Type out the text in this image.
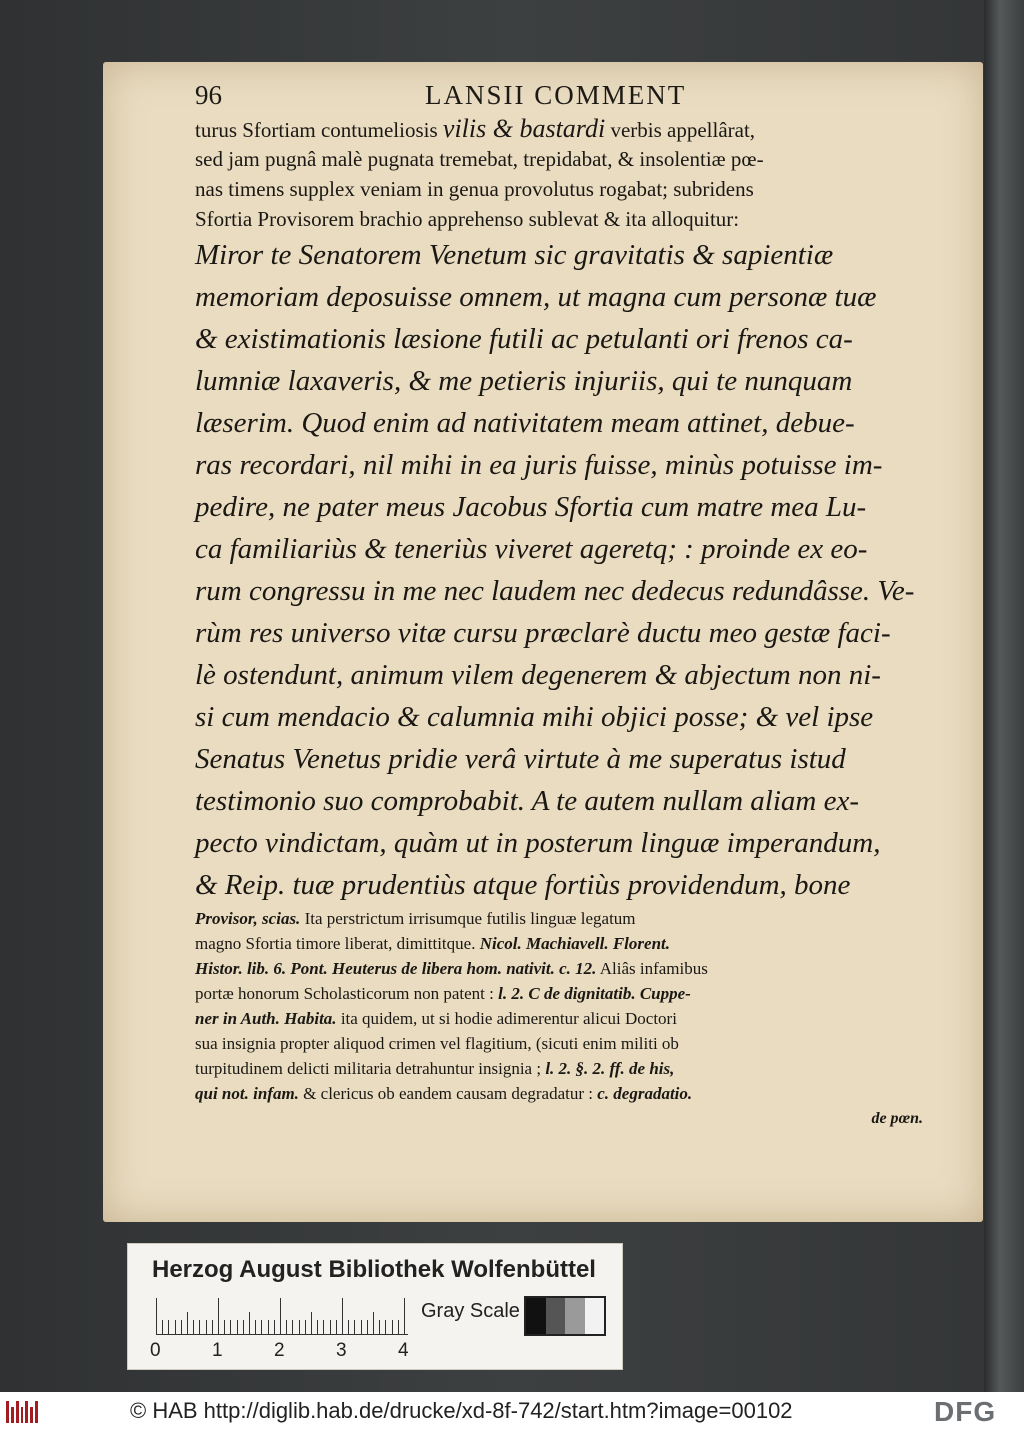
96	LANSII COMMENT
turus Sfortiam contumeliosis vilis & bastardi verbis appellârat,
sed jam pugnâ malè pugnata tremebat, trepidabat, & insolentiæ pœ-
nas timens supplex veniam in genua provolutus rogabat; subridens
Sfortia Provisorem brachio apprehenso sublevat & ita alloquitur:
Miror te Senatorem Venetum sic gravitatis & sapientiæ
memoriam deposuisse omnem, ut magna cum personæ tuæ
& existimationis læsione futili ac petulanti ori frenos ca-
lumniæ laxaveris, & me petieris injuriis, qui te nunquam
læserim. Quod enim ad nativitatem meam attinet, debue-
ras recordari, nil mihi in ea juris fuisse, minùs potuisse im-
pedire, ne pater meus Jacobus Sfortia cum matre mea Lu-
ca familiariùs & teneriùs viveret ageretq; : proinde ex eo-
rum congressu in me nec laudem nec dedecus redundâsse. Ve-
rùm res universo vitæ cursu præclarè ductu meo gestæ faci-
lè ostendunt, animum vilem degenerem & abjectum non ni-
si cum mendacio & calumnia mihi objici posse; & vel ipse
Senatus Venetus pridie verâ virtute à me superatus istud
testimonio suo comprobabit. A te autem nullam aliam ex-
pecto vindictam, quàm ut in posterum linguæ imperandum,
& Reip. tuæ prudentiùs atque fortiùs providendum, bone
Provisor, scias. Ita perstrictum irrisumque futilis linguæ legatum
magno Sfortia timore liberat, dimittitque. Nicol. Machiavell. Florent.
Histor. lib. 6. Pont. Heuterus de libera hom. nativit. c. 12. Aliâs infamibus
portæ honorum Scholasticorum non patent : l. 2. C de dignitatib. Cuppe-
ner in Auth. Habita. ita quidem, ut si hodie adimerentur alicui Doctori
sua insignia propter aliquod crimen vel flagitium, (sicuti enim militi ob
turpitudinem delicti militaria detrahuntur insignia ; l. 2. §. 2. ff. de his,
qui not. infam. & clericus ob eandem causam degradatur : c. degradatio.
de pœn.
Herzog August Bibliothek Wolfenbüttel
Gray Scale
0	1	2	3	4
© HAB http://diglib.hab.de/drucke/xd-8f-742/start.htm?image=00102	DFG
